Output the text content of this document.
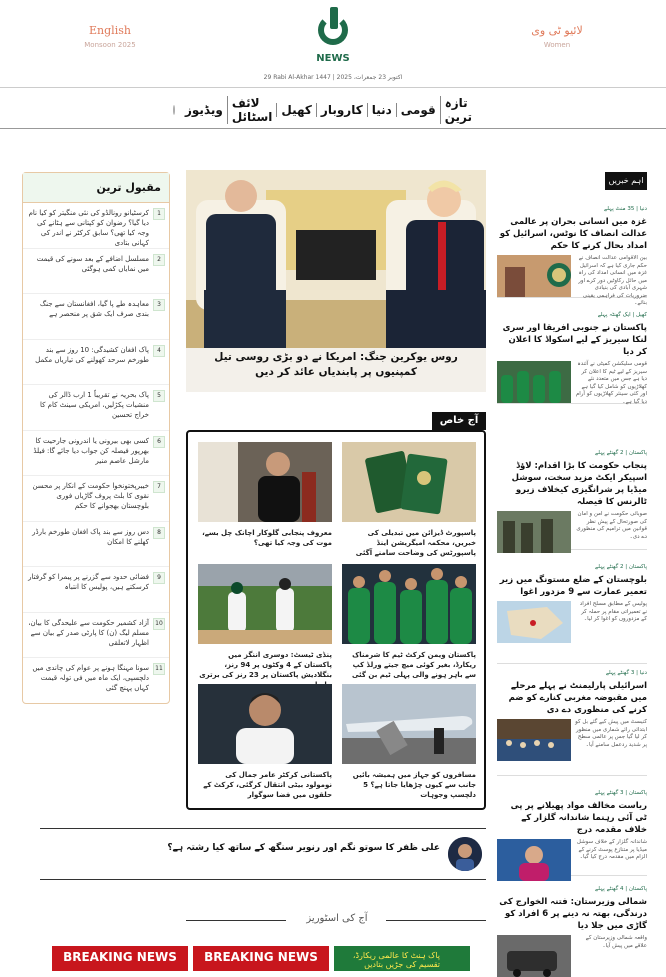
English
Monsoon 2025
NEWS
لائیو ٹی وی
Women
29 Rabi Al-Akhar 1447 | 2025 ،اکتوبر 23 جمعرات
تازہ ترین
قومی
دنیا
کاروبار
کھیل
لائف اسٹائل
ویڈیوز
مقبول ترین
1
کرسٹیانو رونالڈو کی نئی منگیتر کو کیا نام دیا گیا؟ رضوان کو کپتانی سے ہٹانے کی وجہ کیا تھی؟ سابق کرکٹر نے اندر کی کہانی بتادی
2
مسلسل اضافے کے بعد سونے کی قیمت میں نمایاں کمی ہوگئی
3
معاہدہ طے پا گیا، افغانستان سے جنگ بندی صرف ایک شق پر منحصر ہے
4
پاک افغان کشیدگی: 10 روز سے بند طورخم سرحد کھولنے کی تیاریاں مکمل
5
پاک بحریہ نے تقریباً 1 ارب ڈالر کی منشیات پکڑلیں، امریکی سینٹ کام کا خراج تحسین
6
کسی بھی بیرونی یا اندرونی جارحیت کا بھرپور فیصلہ کن جواب دیا جائے گا: فیلڈ مارشل عاصم منیر
7
خیبرپختونخوا حکومت کے انکار پر محسن نقوی کا بلٹ پروف گاڑیاں فوری بلوچستان بھجوانے کا حکم
8
دس روز سے بند پاک افغان طورخم بارڈر کھلنے کا امکان
9
فضائی حدود سے گزرنے پر پیمرا کو گرفتار کرسکتے ہیں، پولیس کا انتباہ
10
آزاد کشمیر حکومت سے علیحدگی کا بیان، مسلم لیگ (ن) کا پارٹی صدر کے بیان سے اظہار لاتعلقی
11
سونا مہنگا ہونے پر عوام کی چاندی میں دلچسپی، ایک ماہ میں فی تولہ قیمت کہاں پہنچ گئی
روس یوکرین جنگ: امریکا نے دو بڑی روسی تیل کمپنیوں پر پابندیاں عائد کر دیں
آج خاص
پاسپورٹ ڈیزائن میں تبدیلی کی خبریں، محکمہ امیگریشن اینڈ پاسپورٹس کی وضاحت سامنے آگئی
معروف پنجابی گلوکار اچانک چل بسے، موت کی وجہ کیا تھی؟
پاکستان ویمن کرکٹ ٹیم کا شرمناک ریکارڈ، بغیر کوئی میچ جیتے ورلڈ کپ سے باہر ہونے والی پہلی ٹیم بن گئی
پنڈی ٹیسٹ: دوسری اننگز میں پاکستان کے 4 وکٹوں پر 94 رنز، بنگلادیش پاکستان پر 23 رنز کی برتری
مسافروں کو جہاز میں ہمیشہ بائیں جانب سے کیوں چڑھایا جاتا ہے؟ 5 دلچسپ وجوہات
پاکستانی کرکٹر عامر جمال کی نومولود بیٹی انتقال کرگئی، کرکٹ کے حلقوں میں فضا سوگوار
اہم خبریں
دنیا | 35 منٹ پہلے
غزہ میں انسانی بحران پر عالمی عدالت انصاف کا نوٹس، اسرائیل کو امداد بحال کرنے کا حکم
بین الاقوامی عدالت انصاف نے حکم جاری کیا ہے کہ اسرائیل غزہ میں انسانی امداد کی راہ میں حائل رکاوٹیں دور کرے اور شہری آبادی کی بنیادی ضروریات کی فراہمی یقینی بنائے۔
کھیل | ایک گھنٹہ پہلے
پاکستان نے جنوبی افریقا اور سری لنکا سیریز کے لیے اسکواڈ کا اعلان کر دیا
قومی سلیکشن کمیٹی نے آئندہ سیریز کے لیے ٹیم کا اعلان کر دیا ہے جس میں متعدد نئے کھلاڑیوں کو شامل کیا گیا ہے اور کئی سینئر کھلاڑیوں کو آرام دیا گیا ہے۔
پاکستان | 2 گھنٹے پہلے
پنجاب حکومت کا بڑا اقدام: لاؤڈ اسپیکر ایکٹ مزید سخت، سوشل میڈیا پر شرانگیزی کیخلاف زیرو ٹالرنس کا فیصلہ
صوبائی حکومت نے امن و امان کی صورتحال کے پیش نظر قوانین میں ترامیم کی منظوری دے دی۔
پاکستان | 2 گھنٹے پہلے
بلوچستان کے ضلع مستونگ میں زیر تعمیر عمارت سے 9 مزدور اغوا
پولیس کے مطابق مسلح افراد نے تعمیراتی مقام پر حملہ کر کے مزدوروں کو اغوا کر لیا۔
دنیا | 3 گھنٹے پہلے
اسرائیلی پارلیمنٹ نے پہلے مرحلے میں مقبوضہ مغربی کنارے کو ضم کرنے کی منظوری دے دی
کنیسٹ میں پیش کیے گئے بل کو ابتدائی رائے شماری میں منظور کر لیا گیا جس پر عالمی سطح پر شدید ردعمل سامنے آیا۔
پاکستان | 3 گھنٹے پہلے
ریاست مخالف مواد پھیلانے پر پی ٹی آئی رہنما شاندانہ گلزار کے خلاف مقدمہ درج
شاندانہ گلزار کے خلاف سوشل میڈیا پر متنازع پوسٹ کرنے کے الزام میں مقدمہ درج کیا گیا۔
پاکستان | 4 گھنٹے پہلے
شمالی وزیرستان: فتنہ الخوارج کی درندگی، بھتہ نہ دینے پر 6 افراد کو گاڑی میں جلا دیا
واقعہ شمالی وزیرستان کے علاقے میں پیش آیا۔
علی ظفر کا سوتو نگم اور رنویر سنگھ کے ساتھ کیا رشتہ ہے؟
آج کی اسٹوریز
BREAKING NEWS	BREAKING NEWS	پاک ہنٹ کا عالمی ریکارڈ، تقسیم کی جڑیں بتادیں
